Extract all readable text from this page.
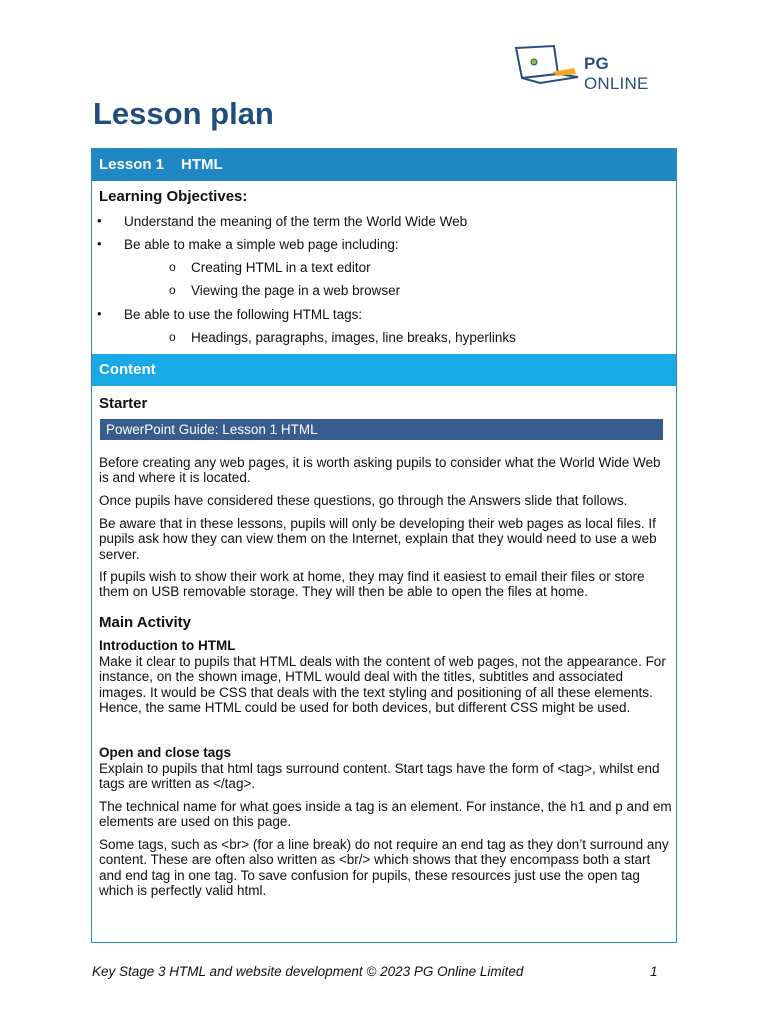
PG ONLINE
Lesson plan
Lesson 1 HTML
Learning Objectives:
• Understand the meaning of the term the World Wide Web
• Be able to make a simple web page including:
o Creating HTML in a text editor
o Viewing the page in a web browser
• Be able to use the following HTML tags:
o Headings, paragraphs, images, line breaks, hyperlinks
Content
Starter
PowerPoint Guide: Lesson 1 HTML

Before creating any web pages, it is worth asking pupils to consider what the World Wide Web is and where it is located.

Once pupils have considered these questions, go through the Answers slide that follows.

Be aware that in these lessons, pupils will only be developing their web pages as local files. If pupils ask how they can view them on the Internet, explain that they would need to use a web server.

If pupils wish to show their work at home, they may find it easiest to email their files or store them on USB removable storage. They will then be able to open the files at home.

Main Activity
Introduction to HTML

Make it clear to pupils that HTML deals with the content of web pages, not the appearance. For instance, on the shown image, HTML would deal with the titles, subtitles and associated images. It would be CSS that deals with the text styling and positioning of all these elements. Hence, the same HTML could be used for both devices, but different CSS might be used.

Open and close tags

Explain to pupils that html tags surround content. Start tags have the form of <tag>, whilst end tags are written as </tag>.

The technical name for what goes inside a tag is an element. For instance, the h1 and p and em elements are used on this page.

Some tags, such as <br> (for a line break) do not require an end tag as they don’t surround any content. These are often also written as <br/> which shows that they encompass both a start and end tag in one tag. To save confusion for pupils, these resources just use the open tag which is perfectly valid html.

Key Stage 3 HTML and website development © 2023 PG Online Limited	1
